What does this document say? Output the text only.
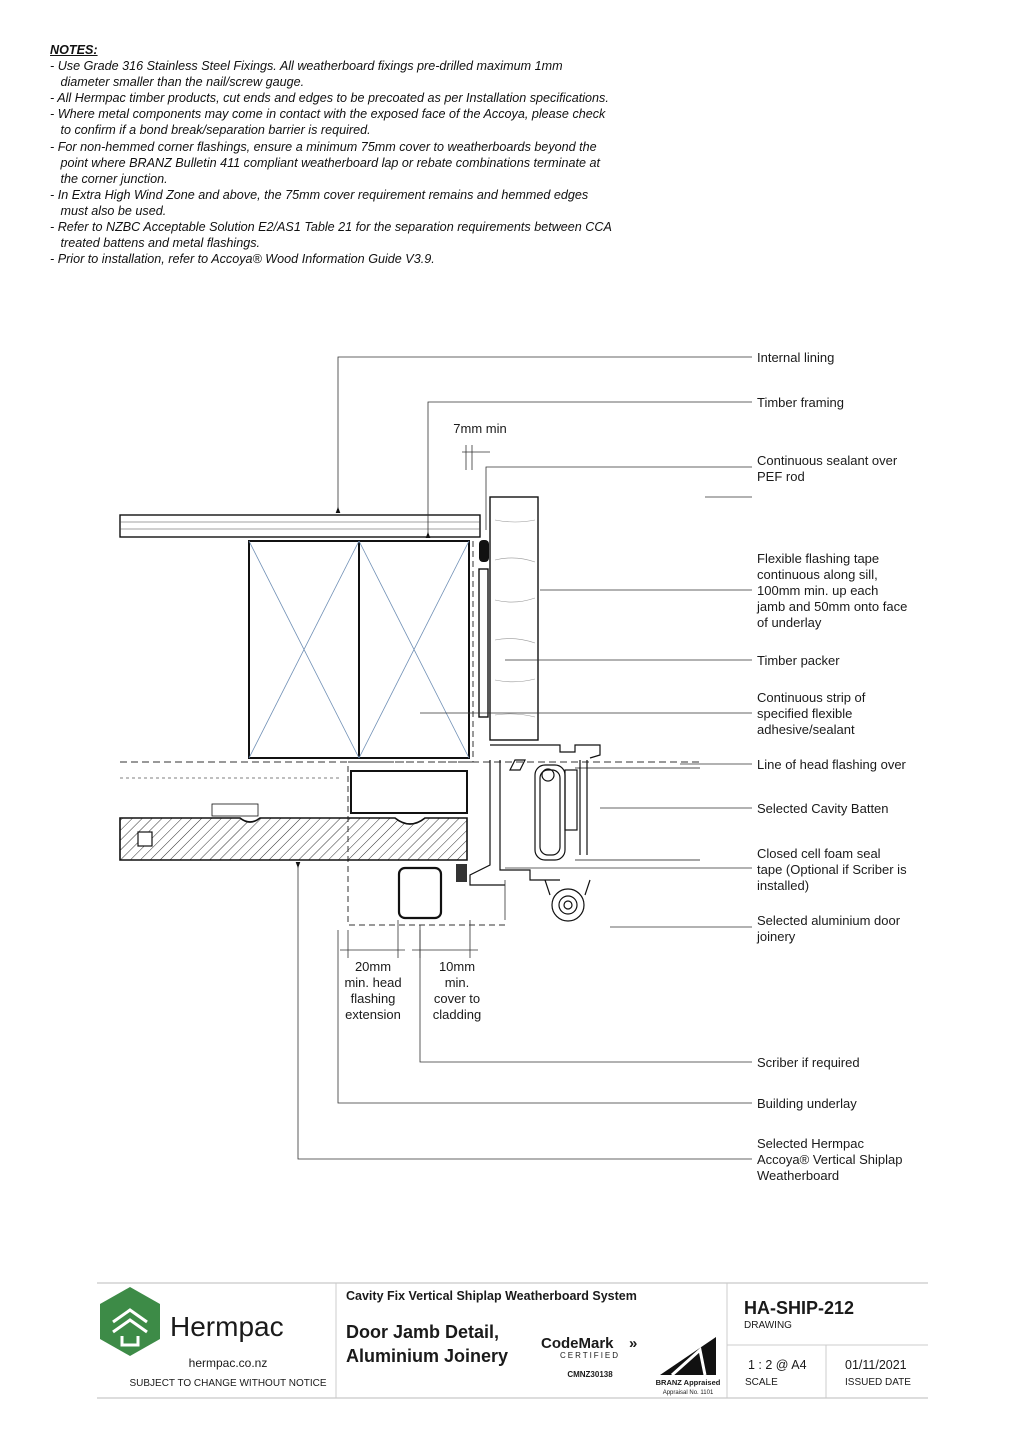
NOTES:
- Use Grade 316 Stainless Steel Fixings. All weatherboard fixings pre-drilled maximum 1mm
diameter smaller than the nail/screw gauge.
- All Hermpac timber products, cut ends and edges to be precoated as per Installation specifications.
- Where metal components may come in contact with the exposed face of the Accoya, please check
to confirm if a bond break/separation barrier is required.
- For non-hemmed corner flashings, ensure a minimum 75mm cover to weatherboards beyond the
point where BRANZ Bulletin 411 compliant weatherboard lap or rebate combinations terminate at
the corner junction.
- In Extra High Wind Zone and above, the 75mm cover requirement remains and hemmed edges
must also be used.
- Refer to NZBC Acceptable Solution E2/AS1 Table 21 for the separation requirements between CCA
treated battens and metal flashings.
- Prior to installation, refer to Accoya® Wood Information Guide V3.9.
Internal lining
Timber framing
Continuous sealant over
PEF rod
Flexible flashing tape
continuous along sill,
100mm min. up each
jamb and 50mm onto face
of underlay
Timber packer
Continuous strip of
specified flexible
adhesive/sealant
Line of head flashing over
Selected Cavity Batten
Closed cell foam seal
tape (Optional if Scriber is
installed)
Selected aluminium door
joinery
Scriber if required
Building underlay
Selected Hermpac
Accoya® Vertical Shiplap
Weatherboard
7mm min
20mm
min. head
flashing
extension
10mm
min.
cover to
cladding
Hermpac
hermpac.co.nz
SUBJECT TO CHANGE WITHOUT NOTICE
Cavity Fix Vertical Shiplap Weatherboard System
Door Jamb Detail,
Aluminium Joinery
CodeMark »
CERTIFIED
CMNZ30138
BRANZ Appraised
Appraisal No. 1101
HA-SHIP-212
DRAWING
1 : 2 @ A4
SCALE
01/11/2021
ISSUED DATE
